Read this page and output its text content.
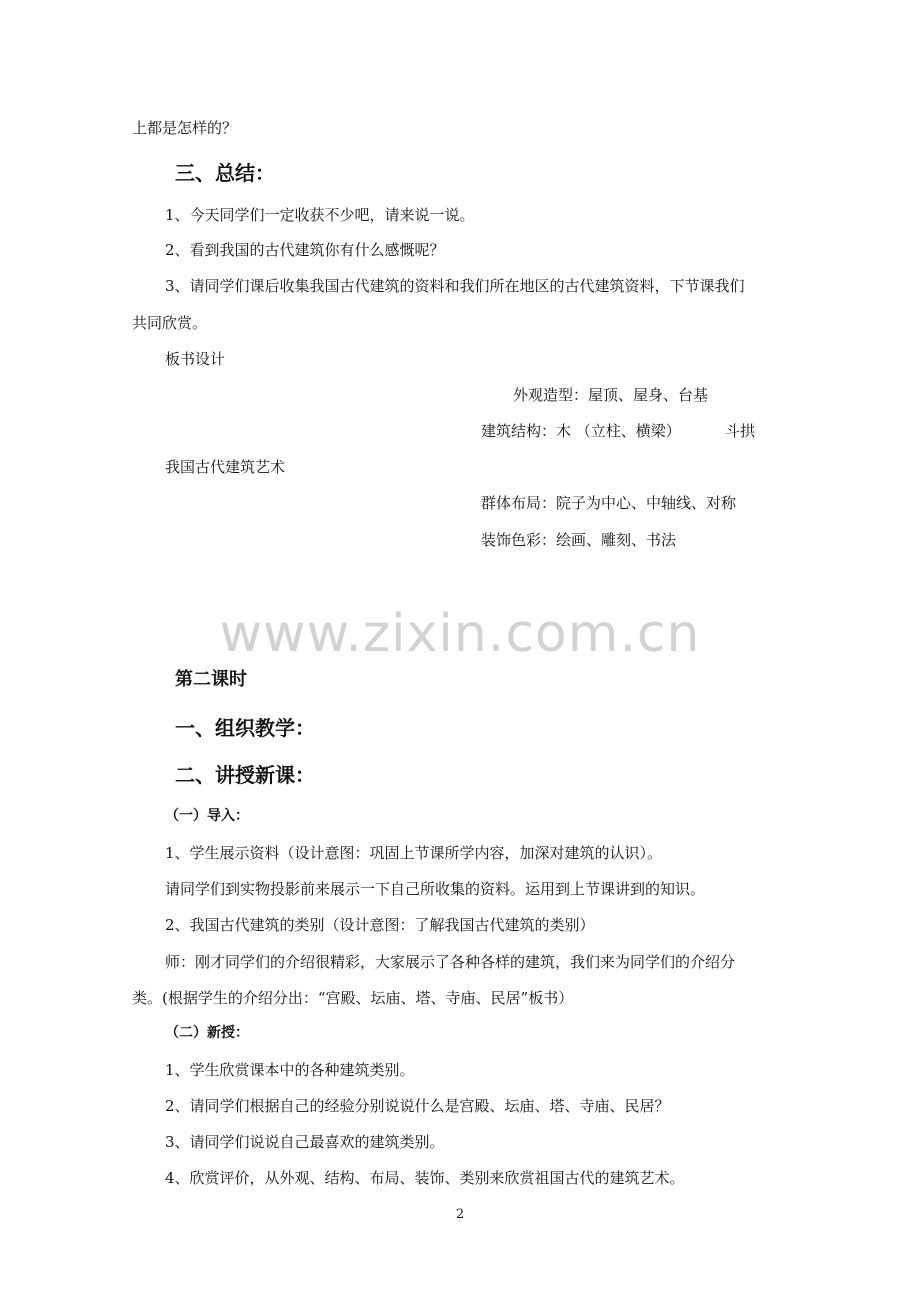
上都是怎样的？
三、总结：
1、今天同学们一定收获不少吧，请来说一说。
2、看到我国的古代建筑你有什么感慨呢？
3、请同学们课后收集我国古代建筑的资料和我们所在地区的古代建筑资料，下节课我们
共同欣赏。
板书设计
外观造型：屋顶、屋身、台基
建筑结构：木 （立柱、横梁）	斗拱
我国古代建筑艺术
群体布局：院子为中心、中轴线、对称
装饰色彩：绘画、雕刻、书法
www.zixin.com.cn
第二课时
一、组织教学：
二、讲授新课：
（一）导入：
1、学生展示资料（设计意图：巩固上节课所学内容，加深对建筑的认识）。
请同学们到实物投影前来展示一下自己所收集的资料。运用到上节课讲到的知识。
2、我国古代建筑的类别（设计意图：了解我国古代建筑的类别）
师：刚才同学们的介绍很精彩，大家展示了各种各样的建筑，我们来为同学们的介绍分
类。(根据学生的介绍分出：“宫殿、坛庙、塔、寺庙、民居”板书）
（二）新授：
1、学生欣赏课本中的各种建筑类别。
2、请同学们根据自己的经验分别说说什么是宫殿、坛庙、塔、寺庙、民居？
3、请同学们说说自己最喜欢的建筑类别。
4、欣赏评价，从外观、结构、布局、装饰、类别来欣赏祖国古代的建筑艺术。
2
